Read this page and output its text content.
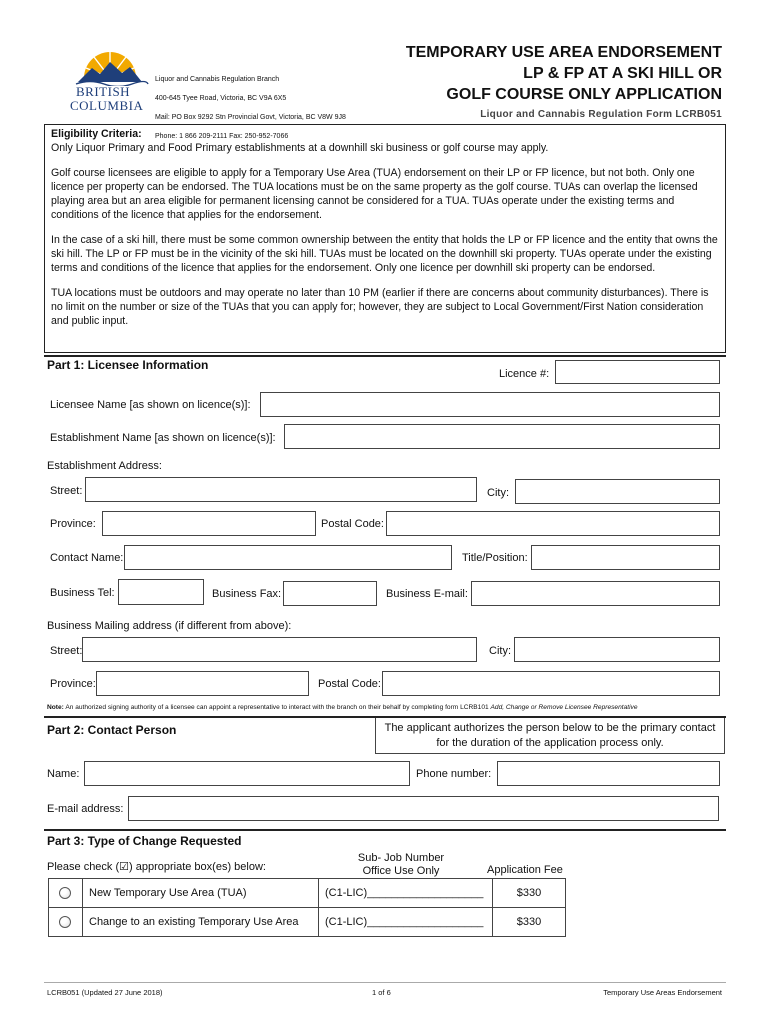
BRITISH
COLUMBIA

Liquor and Cannabis Regulation Branch

400-645 Tyee Road, Victoria, BC V9A 6X5

Mail: PO Box 9292 Stn Provincial Govt, Victoria, BC V8W 9J8

Phone: 1 866 209-2111 Fax: 250-952-7066

TEMPORARY USE AREA ENDORSEMENT
LP & FP AT A SKI HILL OR
GOLF COURSE ONLY APPLICATION
Liquor and Cannabis Regulation Form LCRB051

Eligibility Criteria:

Only Liquor Primary and Food Primary establishments at a downhill ski business or golf course may apply.

Golf course licensees are eligible to apply for a Temporary Use Area (TUA) endorsement on their LP or FP licence, but not both. Only one licence per property can be endorsed. The TUA locations must be on the same property as the golf course. TUAs can overlap the licensed playing area but an area eligible for permanent licensing cannot be considered for a TUA. TUAs operate under the existing terms and conditions of the licence that applies for the endorsement.

In the case of a ski hill, there must be some common ownership between the entity that holds the LP or FP licence and the entity that owns the ski hill. The LP or FP must be in the vicinity of the ski hill. TUAs must be located on the downhill ski property. TUAs operate under the existing terms and conditions of the licence that applies for the endorsement. Only one licence per downhill ski property can be endorsed.

TUA locations must be outdoors and may operate no later than 10 PM (earlier if there are concerns about community disturbances). There is no limit on the number or size of the TUAs that you can apply for; however, they are subject to Local Government/First Nation consideration and public input.

Part 1: Licensee Information
Licence #:
Licensee Name [as shown on licence(s)]:
Establishment Name [as shown on licence(s)]:
Establishment Address:
Street:	City:
Province:	Postal Code:
Contact Name:	Title/Position:
Business Tel:	Business Fax:	Business E-mail:
Business Mailing address (if different from above):
Street:	City:
Province:	Postal Code:
Note: An authorized signing authority of a licensee can appoint a representative to interact with the branch on their behalf by completing form LCRB101 Add, Change or Remove Licensee Representative
Part 2: Contact Person	The applicant authorizes the person below to be the primary contact
for the duration of the application process only.
Name:	Phone number:
E-mail address:
Part 3: Type of Change Requested
Please check (☑) appropriate box(es) below:
Sub- Job Number
Office Use Only	Application Fee
	New Temporary Use Area (TUA)	(C1-LIC)___________________	$330

	Change to an existing Temporary Use Area	(C1-LIC)___________________	$330
LCRB051 (Updated 27 June 2018)	1 of 6	Temporary Use Areas Endorsement
